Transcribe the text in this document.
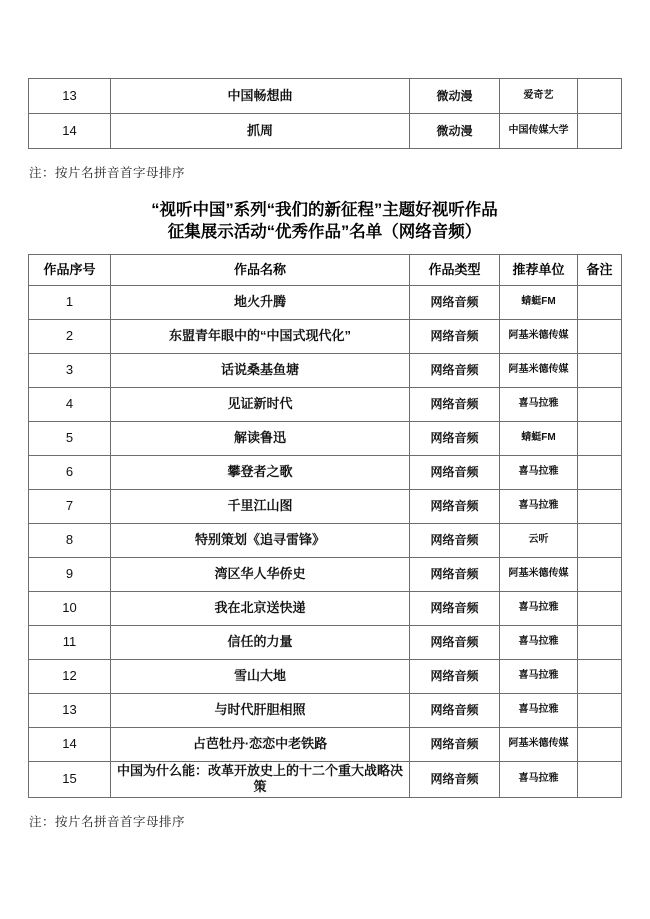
13	中国畅想曲	微动漫	爱奇艺	
14	抓周	微动漫	中国传媒大学	
注：按片名拼音首字母排序
“视听中国”系列“我们的新征程”主题好视听作品
征集展示活动“优秀作品”名单（网络音频）
作品序号	作品名称	作品类型	推荐单位	备注
1	地火升腾	网络音频	蜻蜓FM	
2	东盟青年眼中的“中国式现代化”	网络音频	阿基米德传媒	
3	话说桑基鱼塘	网络音频	阿基米德传媒	
4	见证新时代	网络音频	喜马拉雅	
5	解读鲁迅	网络音频	蜻蜓FM	
6	攀登者之歌	网络音频	喜马拉雅	
7	千里江山图	网络音频	喜马拉雅	
8	特别策划《追寻雷锋》	网络音频	云听	
9	湾区华人华侨史	网络音频	阿基米德传媒	
10	我在北京送快递	网络音频	喜马拉雅	
11	信任的力量	网络音频	喜马拉雅	
12	雪山大地	网络音频	喜马拉雅	
13	与时代肝胆相照	网络音频	喜马拉雅	
14	占芭牡丹·恋恋中老铁路	网络音频	阿基米德传媒	
15	中国为什么能：改革开放史上的十二个重大战略决策	网络音频	喜马拉雅	
注：按片名拼音首字母排序
